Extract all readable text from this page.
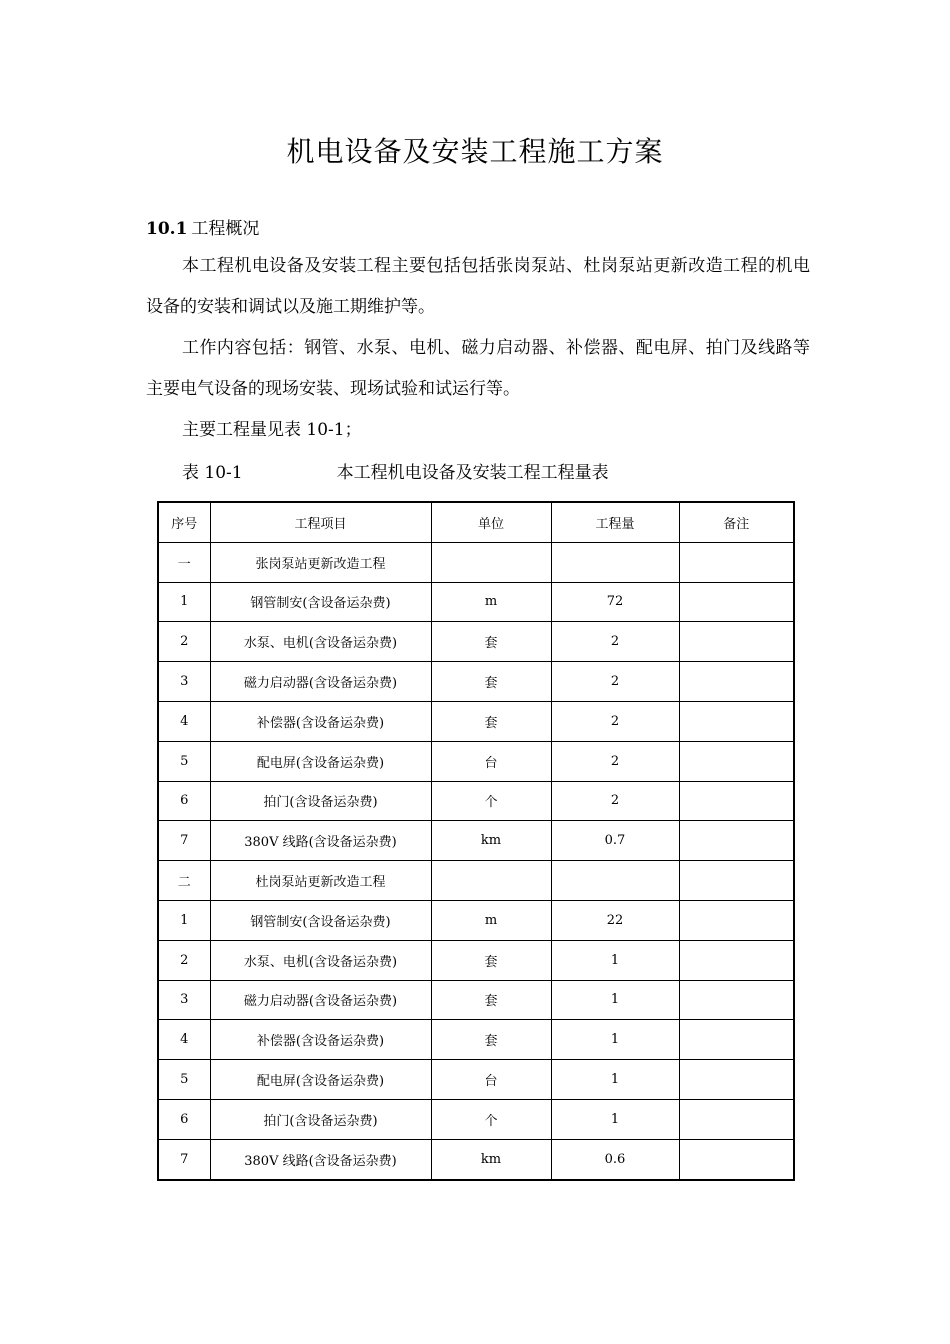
机电设备及安装工程施工方案
10.1 工程概况
本工程机电设备及安装工程主要包括包括张岗泵站、杜岗泵站更新改造工程的机电设备的安装和调试以及施工期维护等。
工作内容包括：钢管、水泵、电机、磁力启动器、补偿器、配电屏、拍门及线路等主要电气设备的现场安装、现场试验和试运行等。
主要工程量见表 10-1；
表 10-1	本工程机电设备及安装工程工程量表
序号	工程项目	单位	工程量	备注
一	张岗泵站更新改造工程			
1	钢管制安(含设备运杂费)	m	72	
2	水泵、电机(含设备运杂费)	套	2	
3	磁力启动器(含设备运杂费)	套	2	
4	补偿器(含设备运杂费)	套	2	
5	配电屏(含设备运杂费)	台	2	
6	拍门(含设备运杂费)	个	2	
7	380V 线路(含设备运杂费)	km	0.7	
二	杜岗泵站更新改造工程			
1	钢管制安(含设备运杂费)	m	22	
2	水泵、电机(含设备运杂费)	套	1	
3	磁力启动器(含设备运杂费)	套	1	
4	补偿器(含设备运杂费)	套	1	
5	配电屏(含设备运杂费)	台	1	
6	拍门(含设备运杂费)	个	1	
7	380V 线路(含设备运杂费)	km	0.6	
